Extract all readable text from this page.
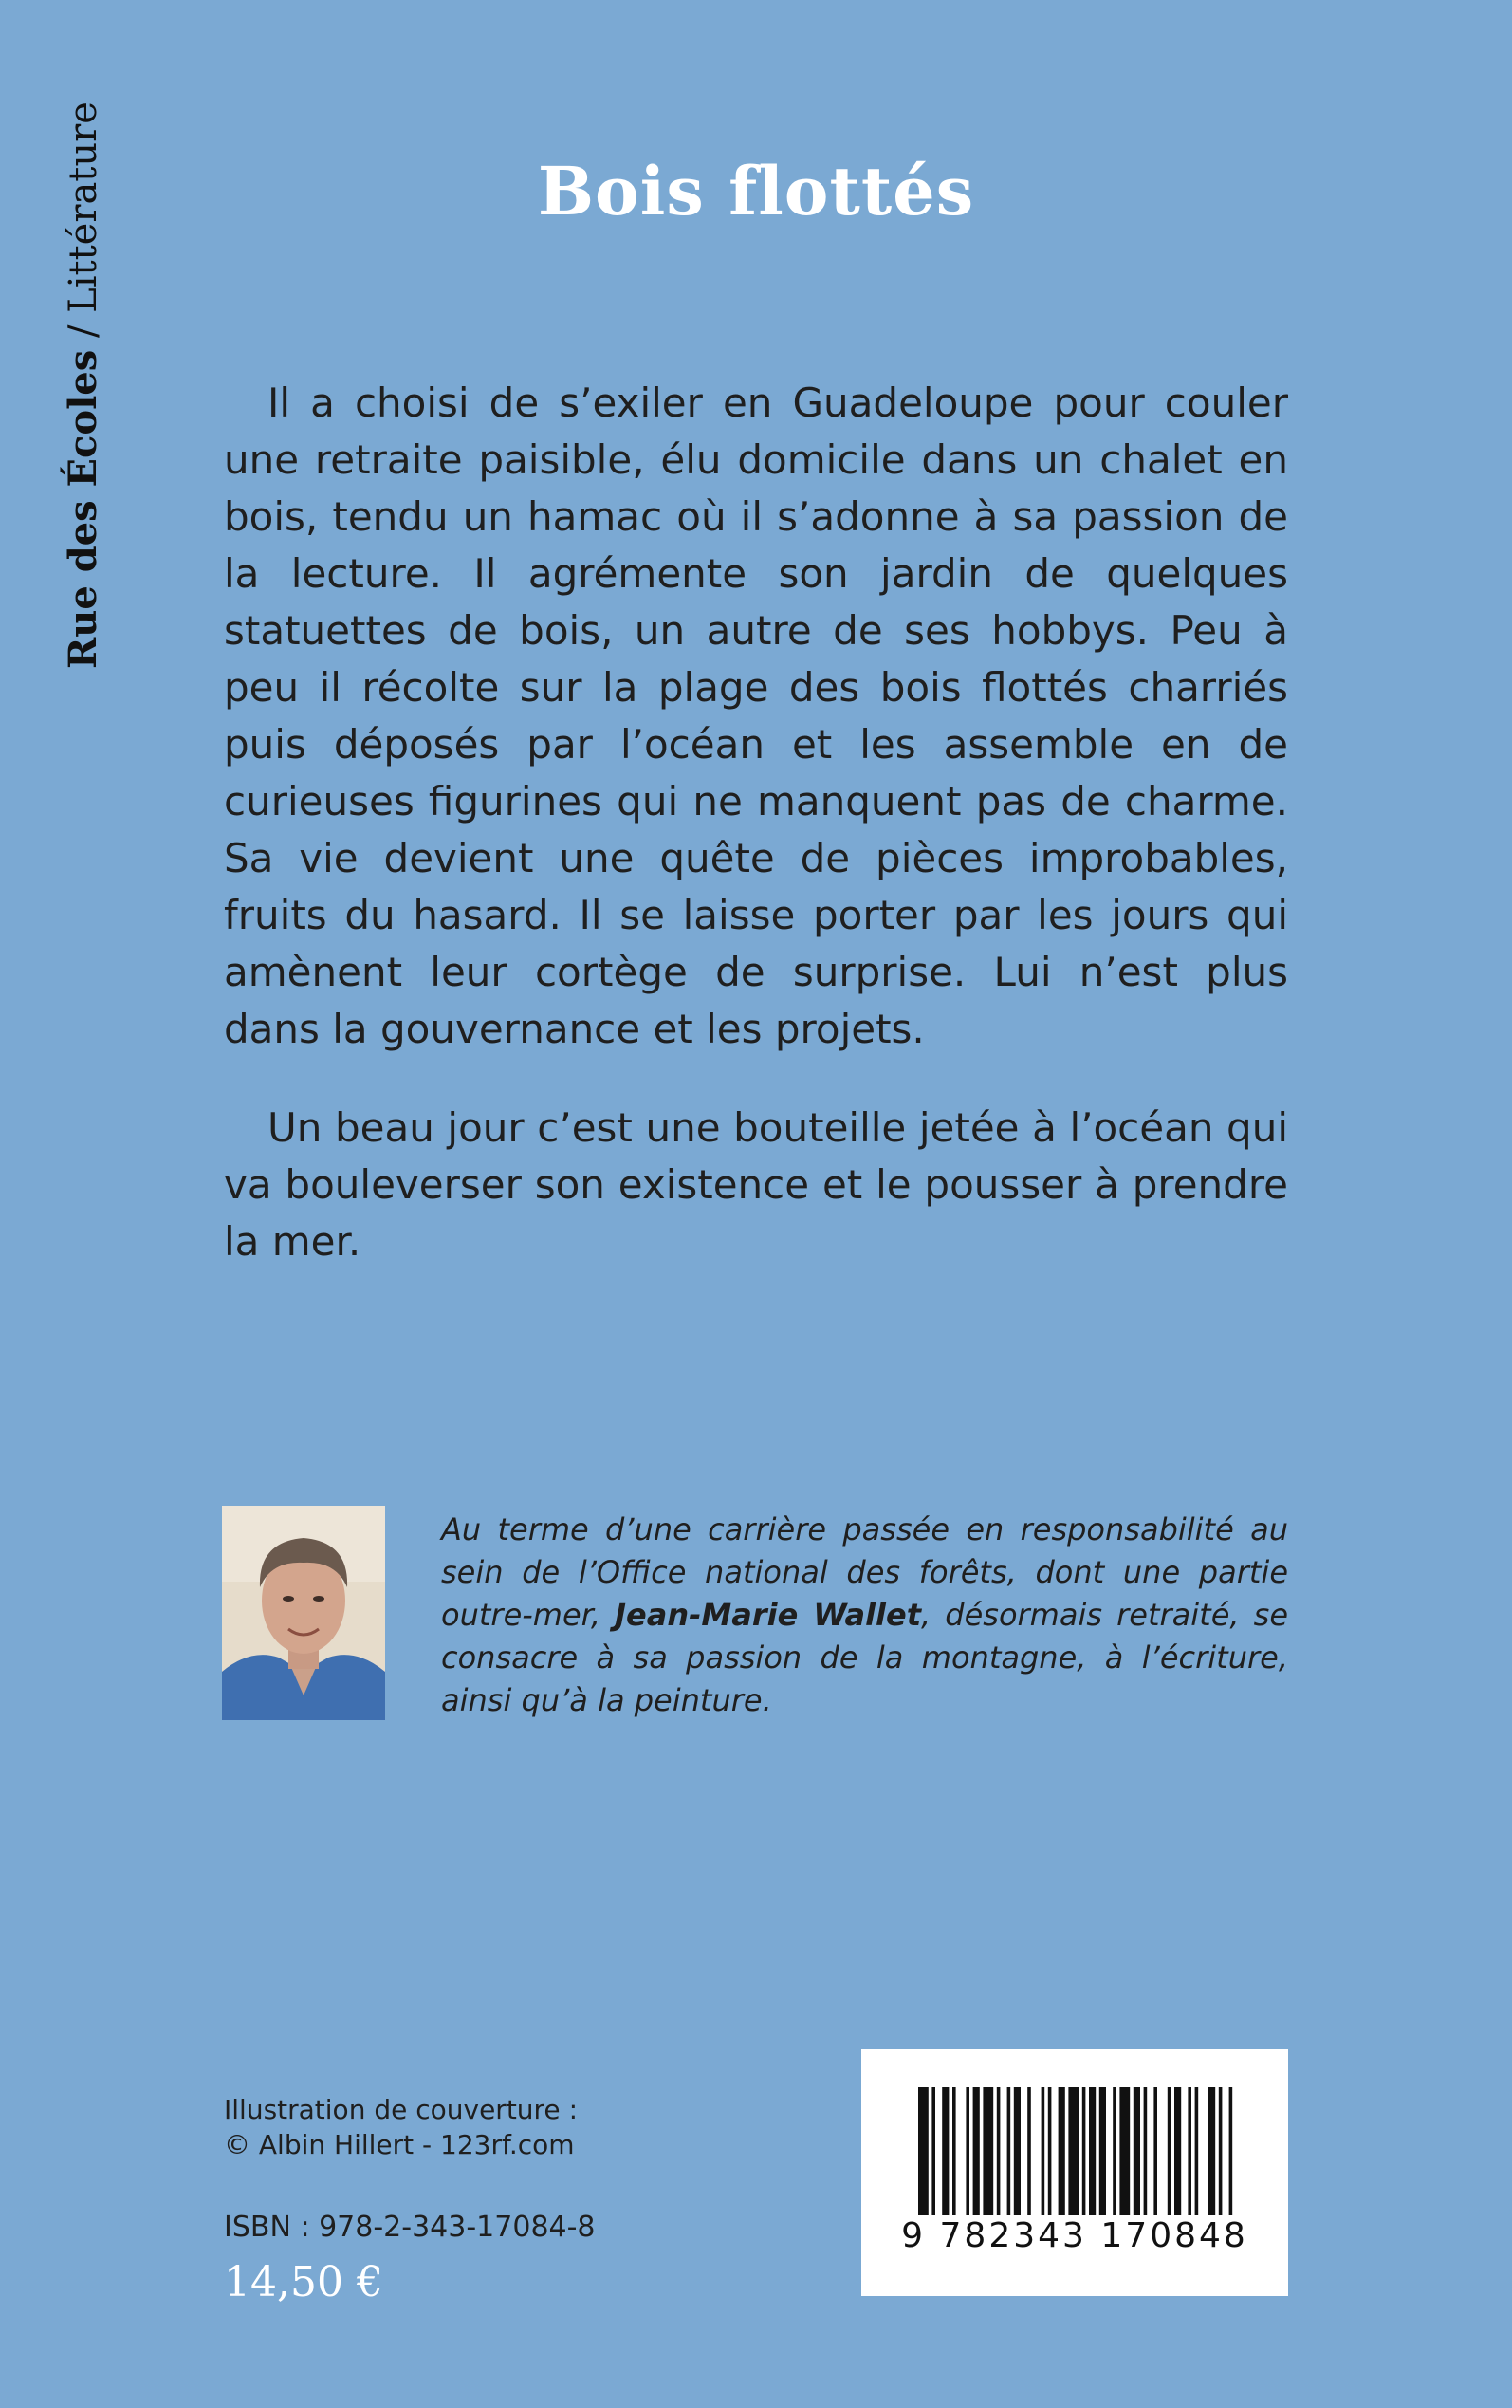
Rue des Écoles / Littérature	Bois flottés

Il a choisi de s’exiler en Guadeloupe pour couler une retraite paisible, élu domicile dans un chalet en bois, tendu un hamac où il s’adonne à sa passion de la lecture. Il agrémente son jardin de quelques statuettes de bois, un autre de ses hobbys. Peu à peu il récolte sur la plage des bois flottés charriés puis déposés par l’océan et les assemble en de curieuses figurines qui ne manquent pas de charme. Sa vie devient une quête de pièces improbables, fruits du hasard. Il se laisse porter par les jours qui amènent leur cortège de surprise. Lui n’est plus dans la gouvernance et les projets.

Un beau jour c’est une bouteille jetée à l’océan qui va bouleverser son existence et le pousser à prendre la mer.

Au terme d’une carrière passée en responsabilité au sein de l’Office national des forêts, dont une partie outre-mer, Jean-Marie Wallet, désormais retraité, se consacre à sa passion de la montagne, à l’écriture, ainsi qu’à la peinture.
Illustration de couverture :
© Albin Hillert - 123rf.com
ISBN : 978-2-343-17084-8
14,50 €
9 782343 170848
